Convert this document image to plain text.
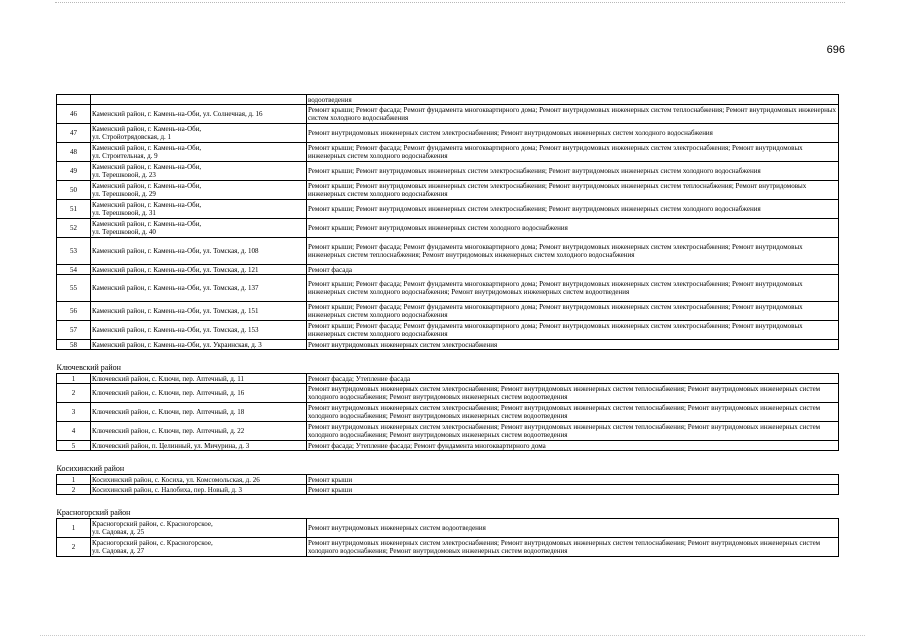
696
		водоотведения
46	Каменский район, г. Камень-на-Оби, ул. Солнечная, д. 16	Ремонт крыши; Ремонт фасада; Ремонт фундамента многоквартирного дома; Ремонт внутридомовых инженерных систем теплоснабжения; Ремонт внутридомовых инженерных систем холодного водоснабжения
47	Каменский район, г. Камень-на-Оби,
ул. Стройотрядовская, д. 1	Ремонт внутридомовых инженерных систем электроснабжения; Ремонт внутридомовых инженерных систем холодного водоснабжения
48	Каменский район, г. Камень-на-Оби,
ул. Строительная, д. 9	Ремонт крыши; Ремонт фасада; Ремонт фундамента многоквартирного дома; Ремонт внутридомовых инженерных систем электроснабжения; Ремонт внутридомовых инженерных систем холодного водоснабжения
49	Каменский район, г. Камень-на-Оби,
ул. Терешковой, д. 23	Ремонт крыши; Ремонт внутридомовых инженерных систем электроснабжения; Ремонт внутридомовых инженерных систем холодного водоснабжения
50	Каменский район, г. Камень-на-Оби,
ул. Терешковой, д. 29	Ремонт крыши; Ремонт внутридомовых инженерных систем электроснабжения; Ремонт внутридомовых инженерных систем теплоснабжения; Ремонт внутридомовых инженерных систем холодного водоснабжения
51	Каменский район, г. Камень-на-Оби,
ул. Терешковой, д. 31	Ремонт крыши; Ремонт внутридомовых инженерных систем электроснабжения; Ремонт внутридомовых инженерных систем холодного водоснабжения
52	Каменский район, г. Камень-на-Оби,
ул. Терешковой, д. 40	Ремонт крыши; Ремонт внутридомовых инженерных систем холодного водоснабжения
53	Каменский район, г. Камень-на-Оби, ул. Томская, д. 108	Ремонт крыши; Ремонт фасада; Ремонт фундамента многоквартирного дома; Ремонт внутридомовых инженерных систем электроснабжения; Ремонт внутридомовых инженерных систем теплоснабжения; Ремонт внутридомовых инженерных систем холодного водоснабжения
54	Каменский район, г. Камень-на-Оби, ул. Томская, д. 121	Ремонт фасада
55	Каменский район, г. Камень-на-Оби, ул. Томская, д. 137	Ремонт крыши; Ремонт фасада; Ремонт фундамента многоквартирного дома; Ремонт внутридомовых инженерных систем электроснабжения; Ремонт внутридомовых инженерных систем холодного водоснабжения; Ремонт внутридомовых инженерных систем водоотведения
56	Каменский район, г. Камень-на-Оби, ул. Томская, д. 151	Ремонт крыши; Ремонт фасада; Ремонт фундамента многоквартирного дома; Ремонт внутридомовых инженерных систем электроснабжения; Ремонт внутридомовых инженерных систем холодного водоснабжения
57	Каменский район, г. Камень-на-Оби, ул. Томская, д. 153	Ремонт крыши; Ремонт фасада; Ремонт фундамента многоквартирного дома; Ремонт внутридомовых инженерных систем электроснабжения; Ремонт внутридомовых инженерных систем холодного водоснабжения
58	Каменский район, г. Камень-на-Оби, ул. Украинская, д. 3	Ремонт внутридомовых инженерных систем электроснабжения

Ключевский район		
1	Ключевский район, с. Ключи, пер. Аптечный, д. 11	Ремонт фасада; Утепление фасада
2	Ключевский район, с. Ключи, пер. Аптечный, д. 16	Ремонт внутридомовых инженерных систем электроснабжения; Ремонт внутридомовых инженерных систем теплоснабжения; Ремонт внутридомовых инженерных систем холодного водоснабжения; Ремонт внутридомовых инженерных систем водоотведения
3	Ключевский район, с. Ключи, пер. Аптечный, д. 18	Ремонт внутридомовых инженерных систем электроснабжения; Ремонт внутридомовых инженерных систем теплоснабжения; Ремонт внутридомовых инженерных систем холодного водоснабжения; Ремонт внутридомовых инженерных систем водоотведения
4	Ключевский район, с. Ключи, пер. Аптечный, д. 22	Ремонт внутридомовых инженерных систем электроснабжения; Ремонт внутридомовых инженерных систем теплоснабжения; Ремонт внутридомовых инженерных систем холодного водоснабжения; Ремонт внутридомовых инженерных систем водоотведения
5	Ключевский район, п. Целинный, ул. Мичурина, д. 3	Ремонт фасада; Утепление фасада; Ремонт фундамента многоквартирного дома

Косихинский район		
1	Косихинский район, с. Косиха, ул. Комсомольская, д. 26	Ремонт крыши
2	Косихинский район, с. Налобиха, пер. Новый, д. 3	Ремонт крыши

Красногорский район		
1	Красногорский район, с. Красногорское,
ул. Садовая, д. 25	Ремонт внутридомовых инженерных систем водоотведения
2	Красногорский район, с. Красногорское,
ул. Садовая, д. 27	Ремонт внутридомовых инженерных систем электроснабжения; Ремонт внутридомовых инженерных систем теплоснабжения; Ремонт внутридомовых инженерных систем холодного водоснабжения; Ремонт внутридомовых инженерных систем водоотведения
